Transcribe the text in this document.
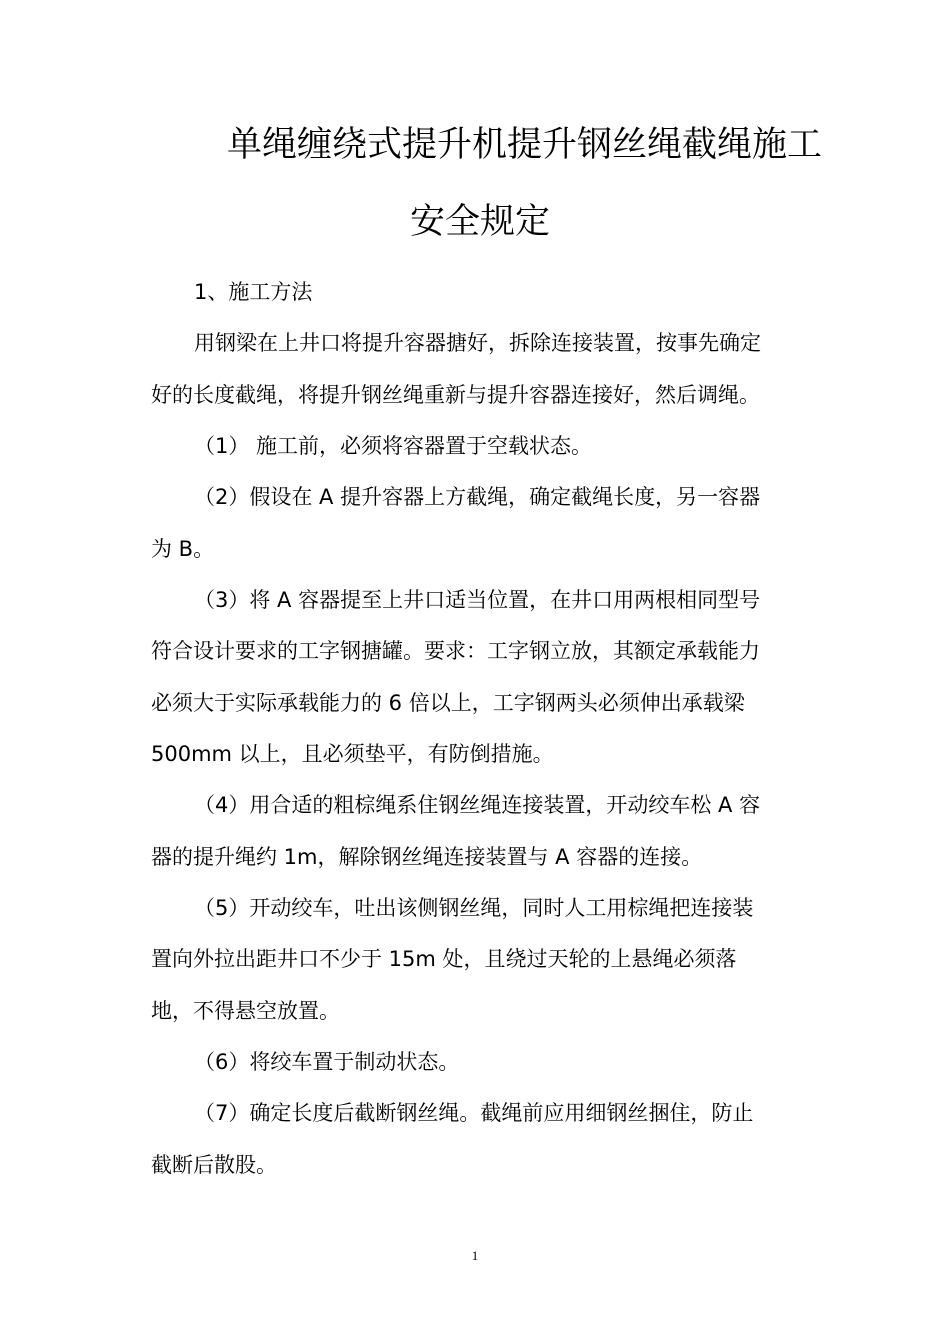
单绳缠绕式提升机提升钢丝绳截绳施工
安全规定
1、施工方法
用钢梁在上井口将提升容器搪好，拆除连接装置，按事先确定
好的长度截绳，将提升钢丝绳重新与提升容器连接好，然后调绳。
（1） 施工前，必须将容器置于空载状态。
（2）假设在 A 提升容器上方截绳，确定截绳长度，另一容器
为 B。
（3）将 A 容器提至上井口适当位置，在井口用两根相同型号
符合设计要求的工字钢搪罐。要求：工字钢立放，其额定承载能力
必须大于实际承载能力的 6 倍以上，工字钢两头必须伸出承载梁
500mm 以上，且必须垫平，有防倒措施。
（4）用合适的粗棕绳系住钢丝绳连接装置，开动绞车松 A 容
器的提升绳约 1m，解除钢丝绳连接装置与 A 容器的连接。
（5）开动绞车，吐出该侧钢丝绳，同时人工用棕绳把连接装
置向外拉出距井口不少于 15m 处，且绕过天轮的上悬绳必须落
地，不得悬空放置。
（6）将绞车置于制动状态。
（7）确定长度后截断钢丝绳。截绳前应用细钢丝捆住，防止
截断后散股。
1
